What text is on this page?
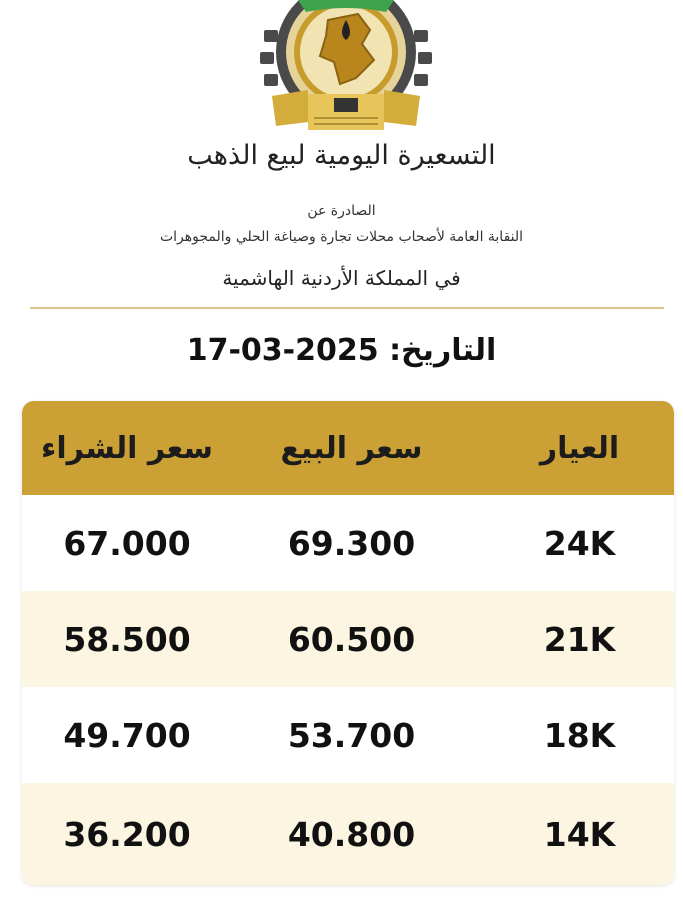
التسعيرة اليومية لبيع الذهب
الصادرة عن
النقابة العامة لأصحاب محلات تجارة وصياغة الحلي والمجوهرات
في المملكة الأردنية الهاشمية
17-03-2025 التاريخ:
سعر الشراء	سعر البيع	العيار
67.000	69.300	24K
58.500	60.500	21K
49.700	53.700	18K
36.200	40.800	14K
